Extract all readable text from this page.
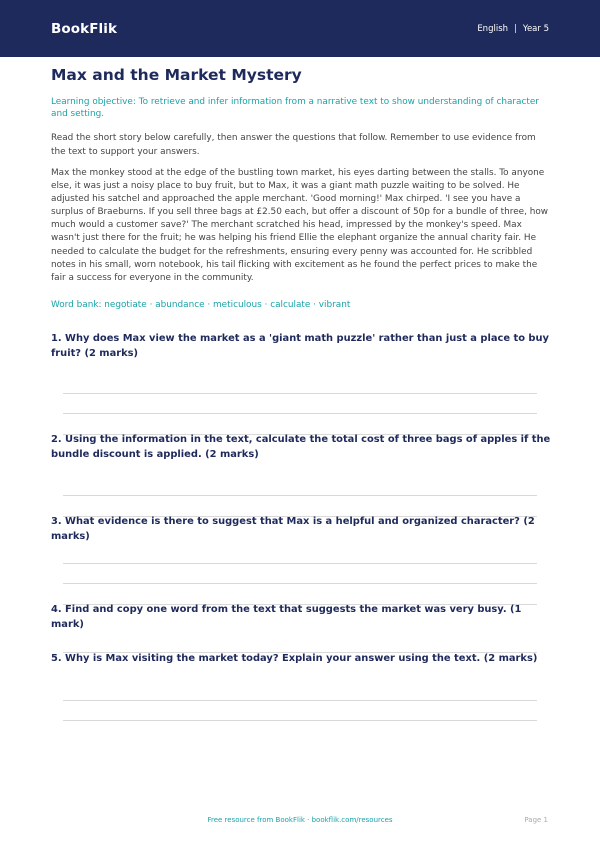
BookFlik	English | Year 5
Max and the Market Mystery

Learning objective: To retrieve and infer information from a narrative text to show understanding of character and setting.

Read the short story below carefully, then answer the questions that follow. Remember to use evidence from the text to support your answers.

Max the monkey stood at the edge of the bustling town market, his eyes darting between the stalls. To anyone else, it was just a noisy place to buy fruit, but to Max, it was a giant math puzzle waiting to be solved. He adjusted his satchel and approached the apple merchant. 'Good morning!' Max chirped. 'I see you have a surplus of Braeburns. If you sell three bags at £2.50 each, but offer a discount of 50p for a bundle of three, how much would a customer save?' The merchant scratched his head, impressed by the monkey's speed. Max wasn't just there for the fruit; he was helping his friend Ellie the elephant organize the annual charity fair. He needed to calculate the budget for the refreshments, ensuring every penny was accounted for. He scribbled notes in his small, worn notebook, his tail flicking with excitement as he found the perfect prices to make the fair a success for everyone in the community.

Word bank: negotiate · abundance · meticulous · calculate · vibrant

1. Why does Max view the market as a 'giant math puzzle' rather than just a place to buy fruit? (2 marks)

2. Using the information in the text, calculate the total cost of three bags of apples if the bundle discount is applied. (2 marks)

3. What evidence is there to suggest that Max is a helpful and organized character? (2 marks)

4. Find and copy one word from the text that suggests the market was very busy. (1 mark)

5. Why is Max visiting the market today? Explain your answer using the text. (2 marks)

Free resource from BookFlik · bookflik.com/resources	Page 1
